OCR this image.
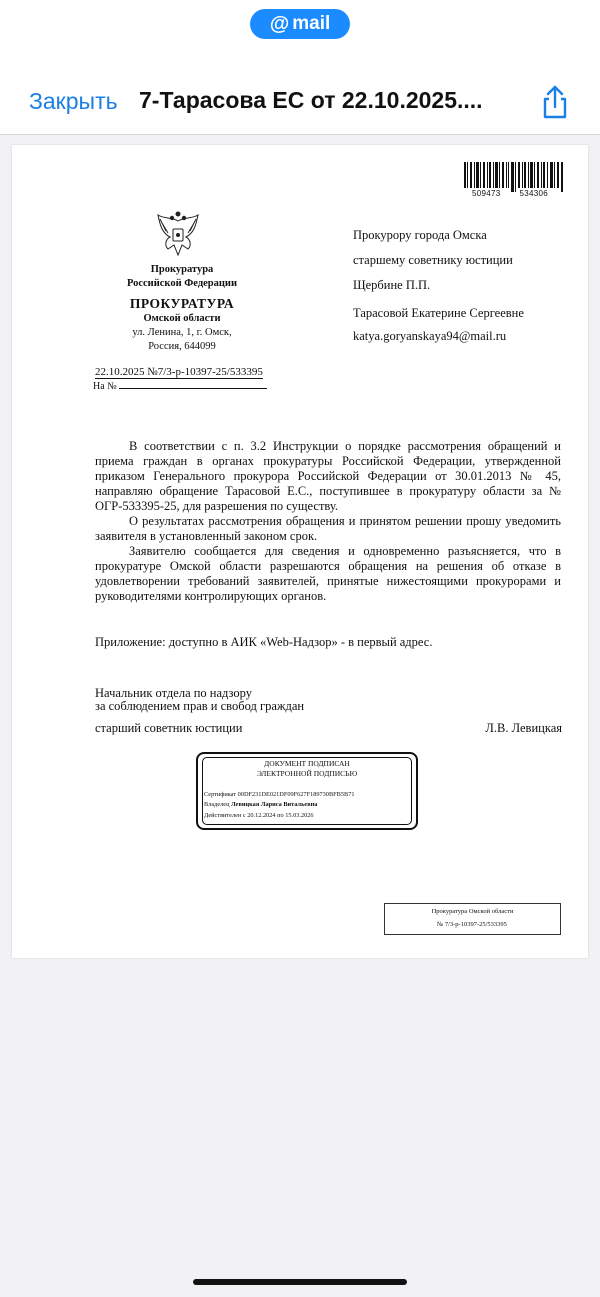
@ mail
Закрыть 7-Тарасова ЕС от 22.10.2025....
509473 534306
Прокуратура
Российской Федерации
ПРОКУРАТУРА
Омской области
ул. Ленина, 1, г. Омск,
Россия, 644099
22.10.2025 №7/3-р-10397-25/533395
На №

Прокурору города Омска

старшему советнику юстиции

Щербине П.П.

Тарасовой Екатерине Сергеевне

katya.goryanskaya94@mail.ru

В соответствии с п. 3.2 Инструкции о порядке рассмотрения обращений и приема граждан в органах прокуратуры Российской Федерации, утвержденной приказом Генерального прокурора Российской Федерации от 30.01.2013 № 45, направляю обращение Тарасовой Е.С., поступившее в прокуратуру области за № ОГР-533395-25, для разрешения по существу.

О результатах рассмотрения обращения и принятом решении прошу уведомить заявителя в установленный законом срок.

Заявителю сообщается для сведения и одновременно разъясняется, что в прокуратуре Омской области разрешаются обращения на решения об отказе в удовлетворении требований заявителей, принятые нижестоящими прокурорами и руководителями контролирующих органов.

Приложение: доступно в АИК «Web-Надзор» - в первый адрес.
Начальник отдела по надзору
за соблюдением прав и свобод граждан
старший советник юстиции	Л.В. Левицкая
ДОКУМЕНТ ПОДПИСАН
ЭЛЕКТРОННОЙ ПОДПИСЬЮ
Сертификат 00DF231DE021DF09F627F189730BFB5B71
Владелец Левицкая Лариса Витальевна
Действителен с 20.12.2024 по 15.03.2026
Прокуратура Омской области
№ 7/3-р-10397-25/533395
